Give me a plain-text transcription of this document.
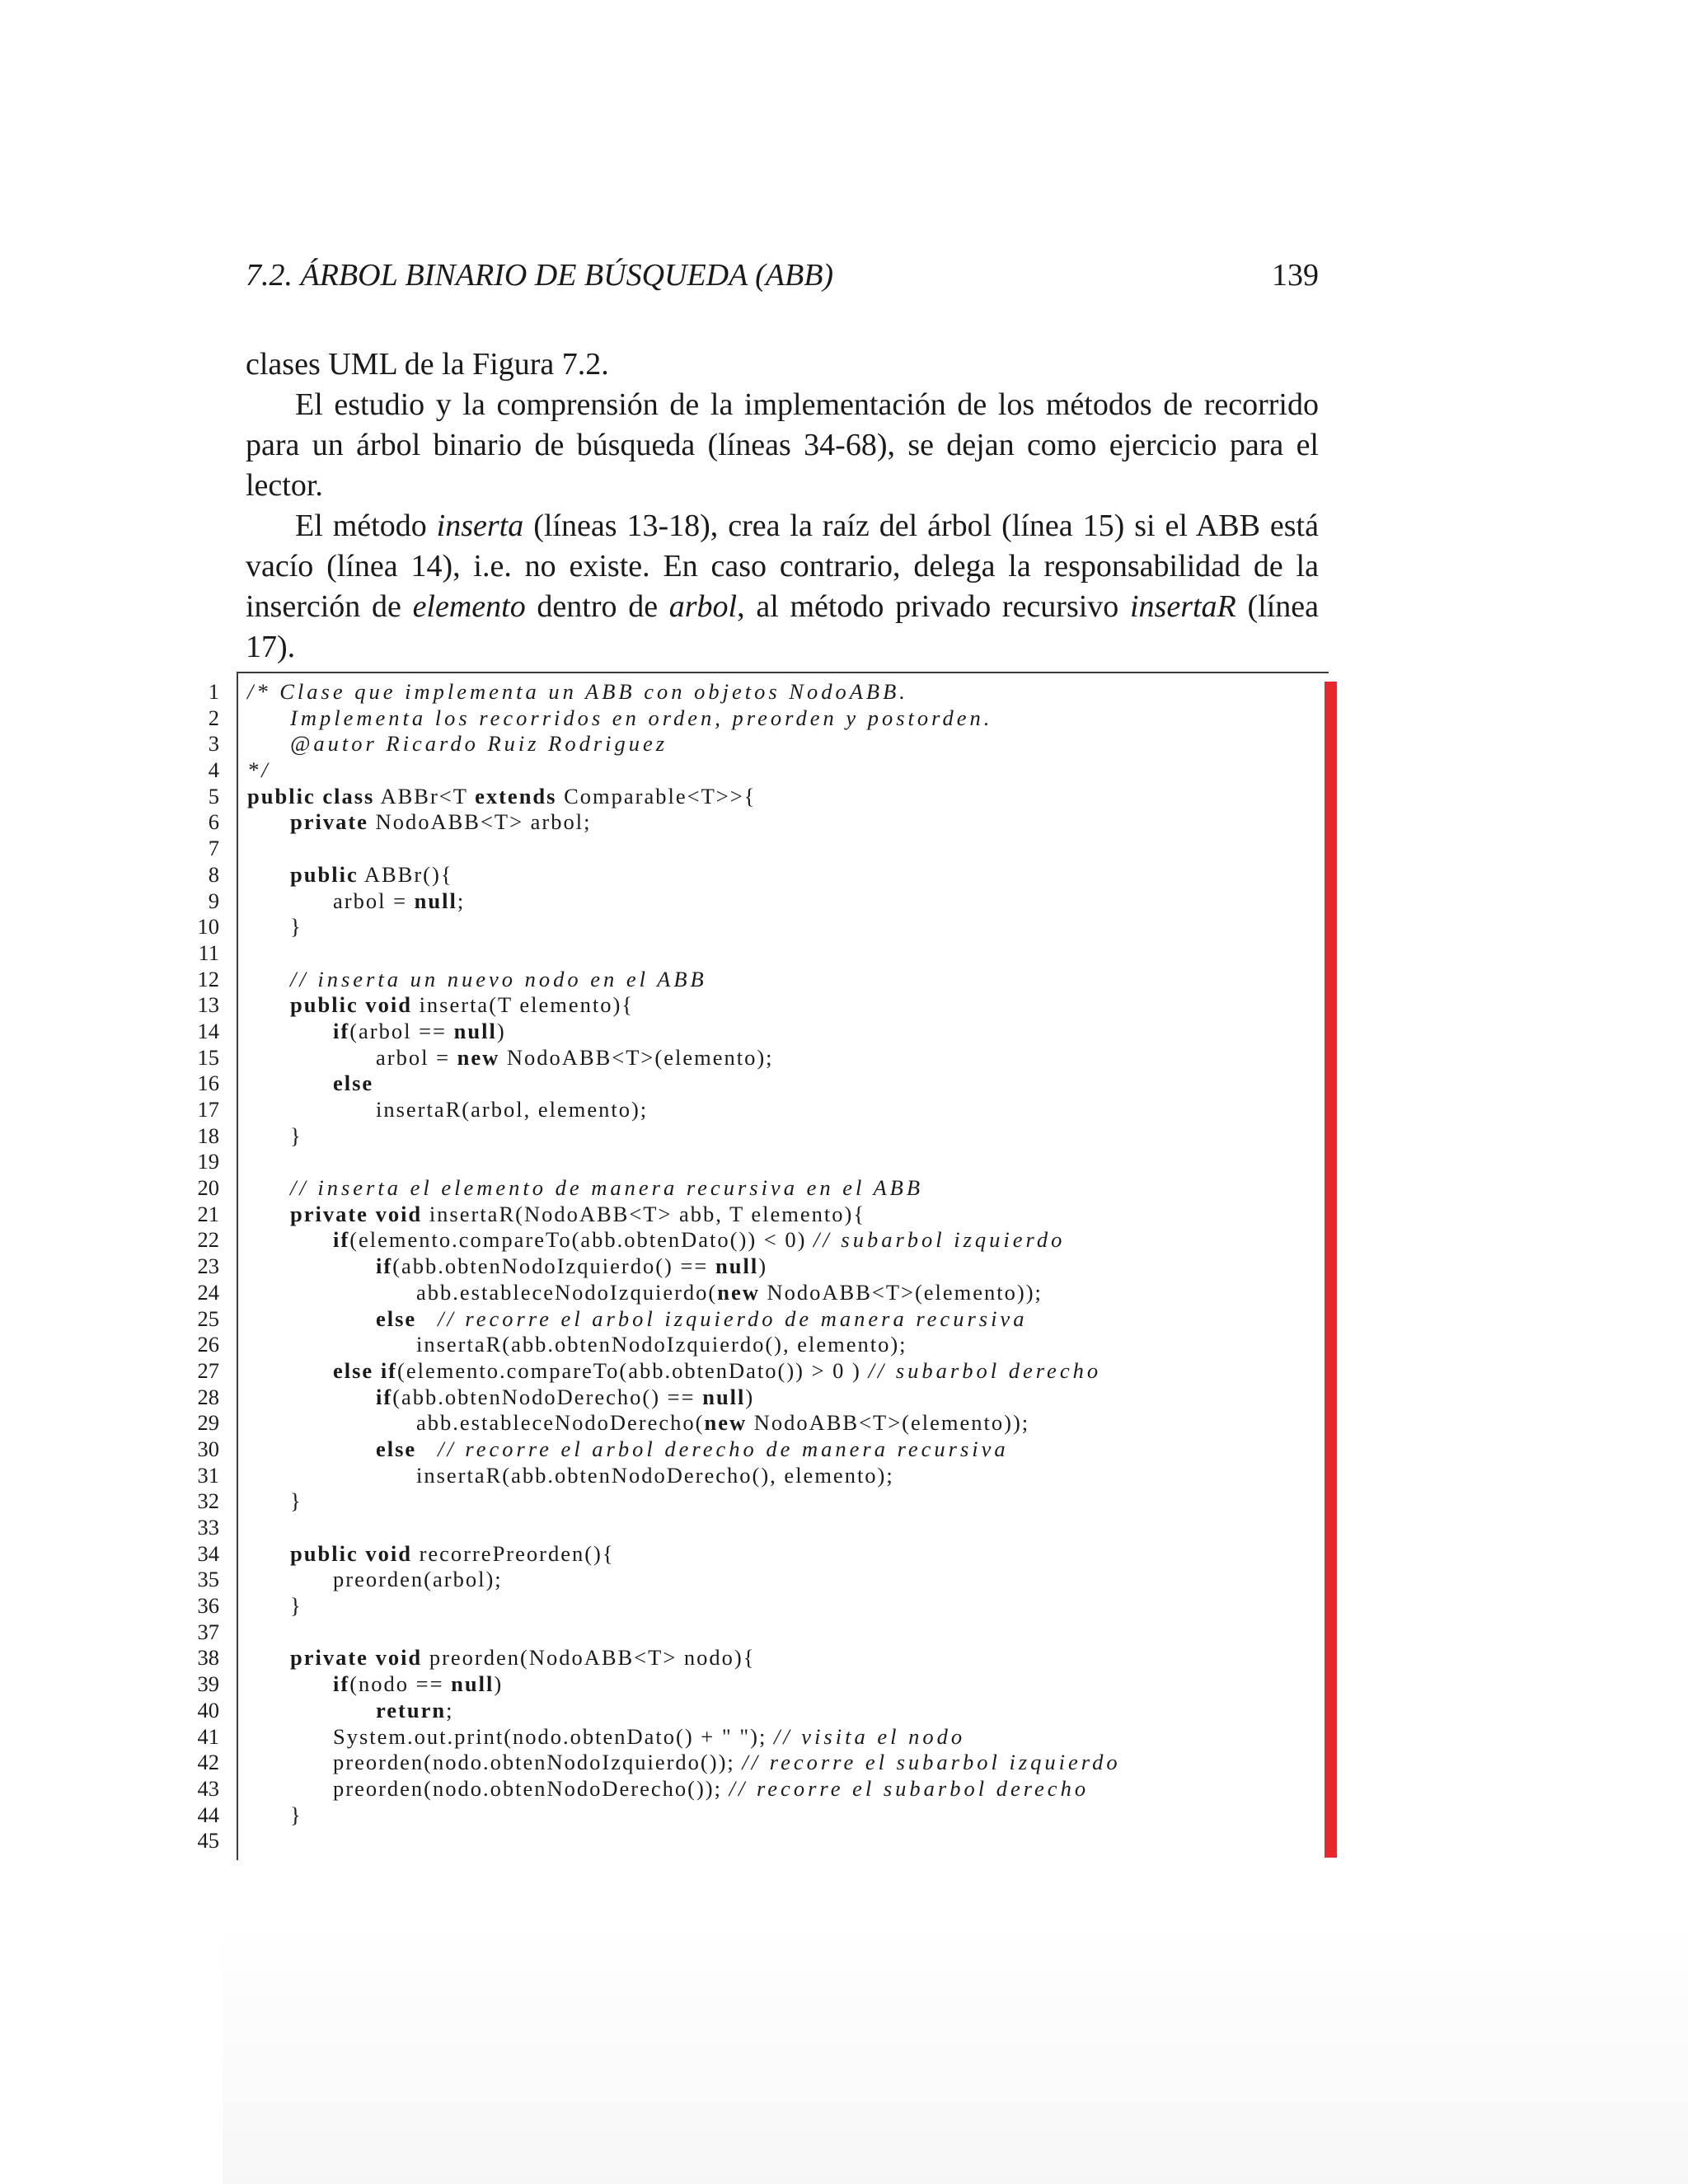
7.2. ÁRBOL BINARIO DE BÚSQUEDA (ABB)	139

clases UML de la Figura 7.2.

El estudio y la comprensión de la implementación de los métodos de recorrido para un árbol binario de búsqueda (líneas 34-68), se dejan como ejercicio para el lector.

El método inserta (líneas 13-18), crea la raíz del árbol (línea 15) si el ABB está vacío (línea 14), i.e. no existe. En caso contrario, delega la responsabilidad de la inserción de elemento dentro de arbol, al método privado recursivo insertaR (línea 17).

1
2
3
4
5
6
7
8
9
10
11
12
13
14
15
16
17
18
19
20
21
22
23
24
25
26
27
28
29
30
31
32
33
34
35
36
37
38
39
40
41
42
43
44
45
/* Clase que implementa un ABB con objetos NodoABB.
Implementa los recorridos en orden, preorden y postorden.
@autor Ricardo Ruiz Rodriguez
*/
public class ABBr<T extends Comparable<T>>{
private NodoABB<T> arbol;
public ABBr(){
arbol = null;
}
// inserta un nuevo nodo en el ABB
public void inserta(T elemento){
if(arbol == null)
arbol = new NodoABB<T>(elemento);
else
insertaR(arbol, elemento);
}
// inserta el elemento de manera recursiva en el ABB
private void insertaR(NodoABB<T> abb, T elemento){
if(elemento.compareTo(abb.obtenDato()) < 0) // subarbol izquierdo
if(abb.obtenNodoIzquierdo() == null)
abb.estableceNodoIzquierdo(new NodoABB<T>(elemento));
else // recorre el arbol izquierdo de manera recursiva
insertaR(abb.obtenNodoIzquierdo(), elemento);
else if(elemento.compareTo(abb.obtenDato()) > 0 ) // subarbol derecho
if(abb.obtenNodoDerecho() == null)
abb.estableceNodoDerecho(new NodoABB<T>(elemento));
else // recorre el arbol derecho de manera recursiva
insertaR(abb.obtenNodoDerecho(), elemento);
}
public void recorrePreorden(){
preorden(arbol);
}
private void preorden(NodoABB<T> nodo){
if(nodo == null)
return;
System.out.print(nodo.obtenDato() + " "); // visita el nodo
preorden(nodo.obtenNodoIzquierdo()); // recorre el subarbol izquierdo
preorden(nodo.obtenNodoDerecho()); // recorre el subarbol derecho
}
